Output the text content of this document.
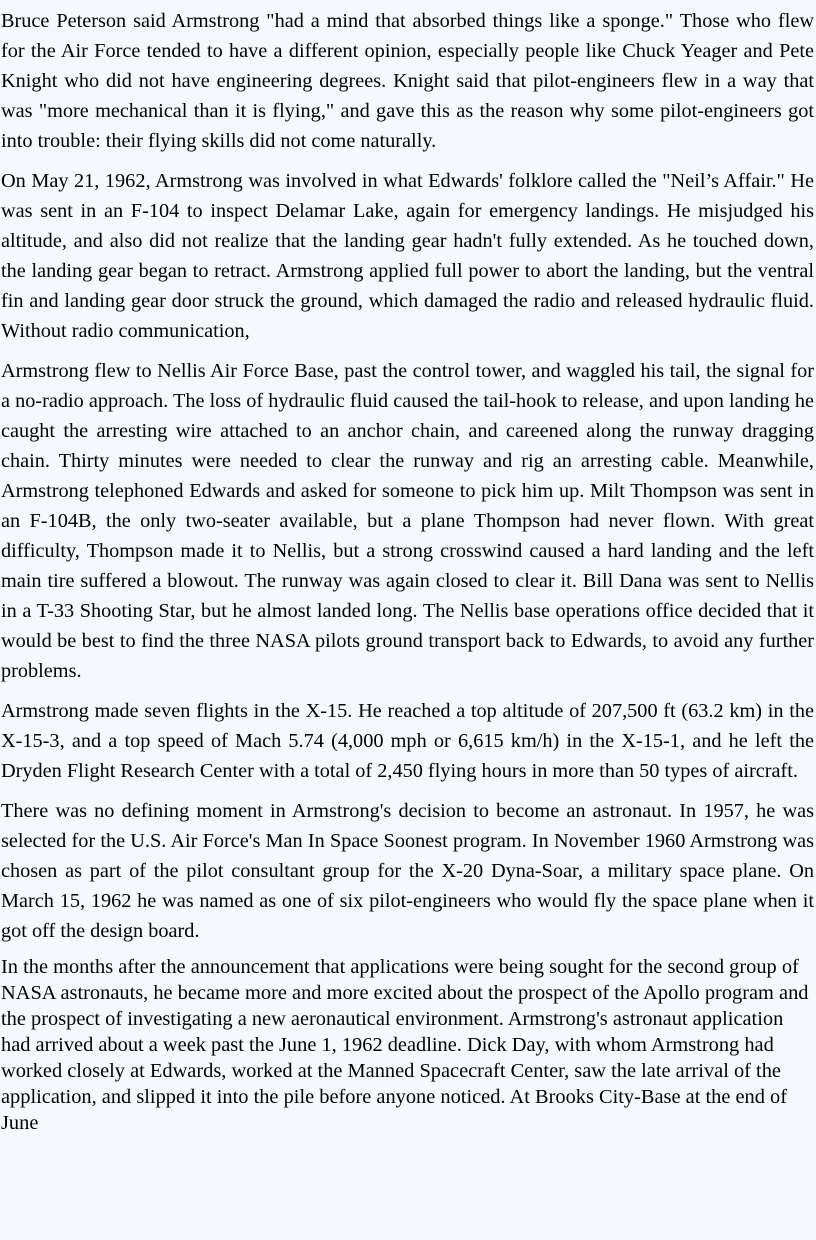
Bruce Peterson said Armstrong "had a mind that absorbed things like a sponge." Those who flew for the Air Force tended to have a different opinion, especially people like Chuck Yeager and Pete Knight who did not have engineering degrees. Knight said that pilot-engineers flew in a way that was "more mechanical than it is flying," and gave this as the reason why some pilot-engineers got into trouble: their flying skills did not come naturally.

On May 21, 1962, Armstrong was involved in what Edwards' folklore called the "Neil’s Affair." He was sent in an F-104 to inspect Delamar Lake, again for emergency landings. He misjudged his altitude, and also did not realize that the landing gear hadn't fully extended. As he touched down, the landing gear began to retract. Armstrong applied full power to abort the landing, but the ventral fin and landing gear door struck the ground, which damaged the radio and released hydraulic fluid. Without radio communication,

Armstrong flew to Nellis Air Force Base, past the control tower, and waggled his tail, the signal for a no-radio approach. The loss of hydraulic fluid caused the tail-hook to release, and upon landing he caught the arresting wire attached to an anchor chain, and careened along the runway dragging chain. Thirty minutes were needed to clear the runway and rig an arresting cable. Meanwhile, Armstrong telephoned Edwards and asked for someone to pick him up. Milt Thompson was sent in an F-104B, the only two-seater available, but a plane Thompson had never flown. With great difficulty, Thompson made it to Nellis, but a strong crosswind caused a hard landing and the left main tire suffered a blowout. The runway was again closed to clear it. Bill Dana was sent to Nellis in a T-33 Shooting Star, but he almost landed long. The Nellis base operations office decided that it would be best to find the three NASA pilots ground transport back to Edwards, to avoid any further problems.

Armstrong made seven flights in the X-15. He reached a top altitude of 207,500 ft (63.2 km) in the X-15-3, and a top speed of Mach 5.74 (4,000 mph or 6,615 km/h) in the X-15-1, and he left the Dryden Flight Research Center with a total of 2,450 flying hours in more than 50 types of aircraft.

There was no defining moment in Armstrong's decision to become an astronaut. In 1957, he was selected for the U.S. Air Force's Man In Space Soonest program. In November 1960 Armstrong was chosen as part of the pilot consultant group for the X-20 Dyna-Soar, a military space plane. On March 15, 1962 he was named as one of six pilot-engineers who would fly the space plane when it got off the design board.

In the months after the announcement that applications were being sought for the second group of NASA astronauts, he became more and more excited about the prospect of the Apollo program and the prospect of investigating a new aeronautical environment. Armstrong's astronaut application had arrived about a week past the June 1, 1962 deadline. Dick Day, with whom Armstrong had worked closely at Edwards, worked at the Manned Spacecraft Center, saw the late arrival of the application, and slipped it into the pile before anyone noticed. At Brooks City-Base at the end of June
